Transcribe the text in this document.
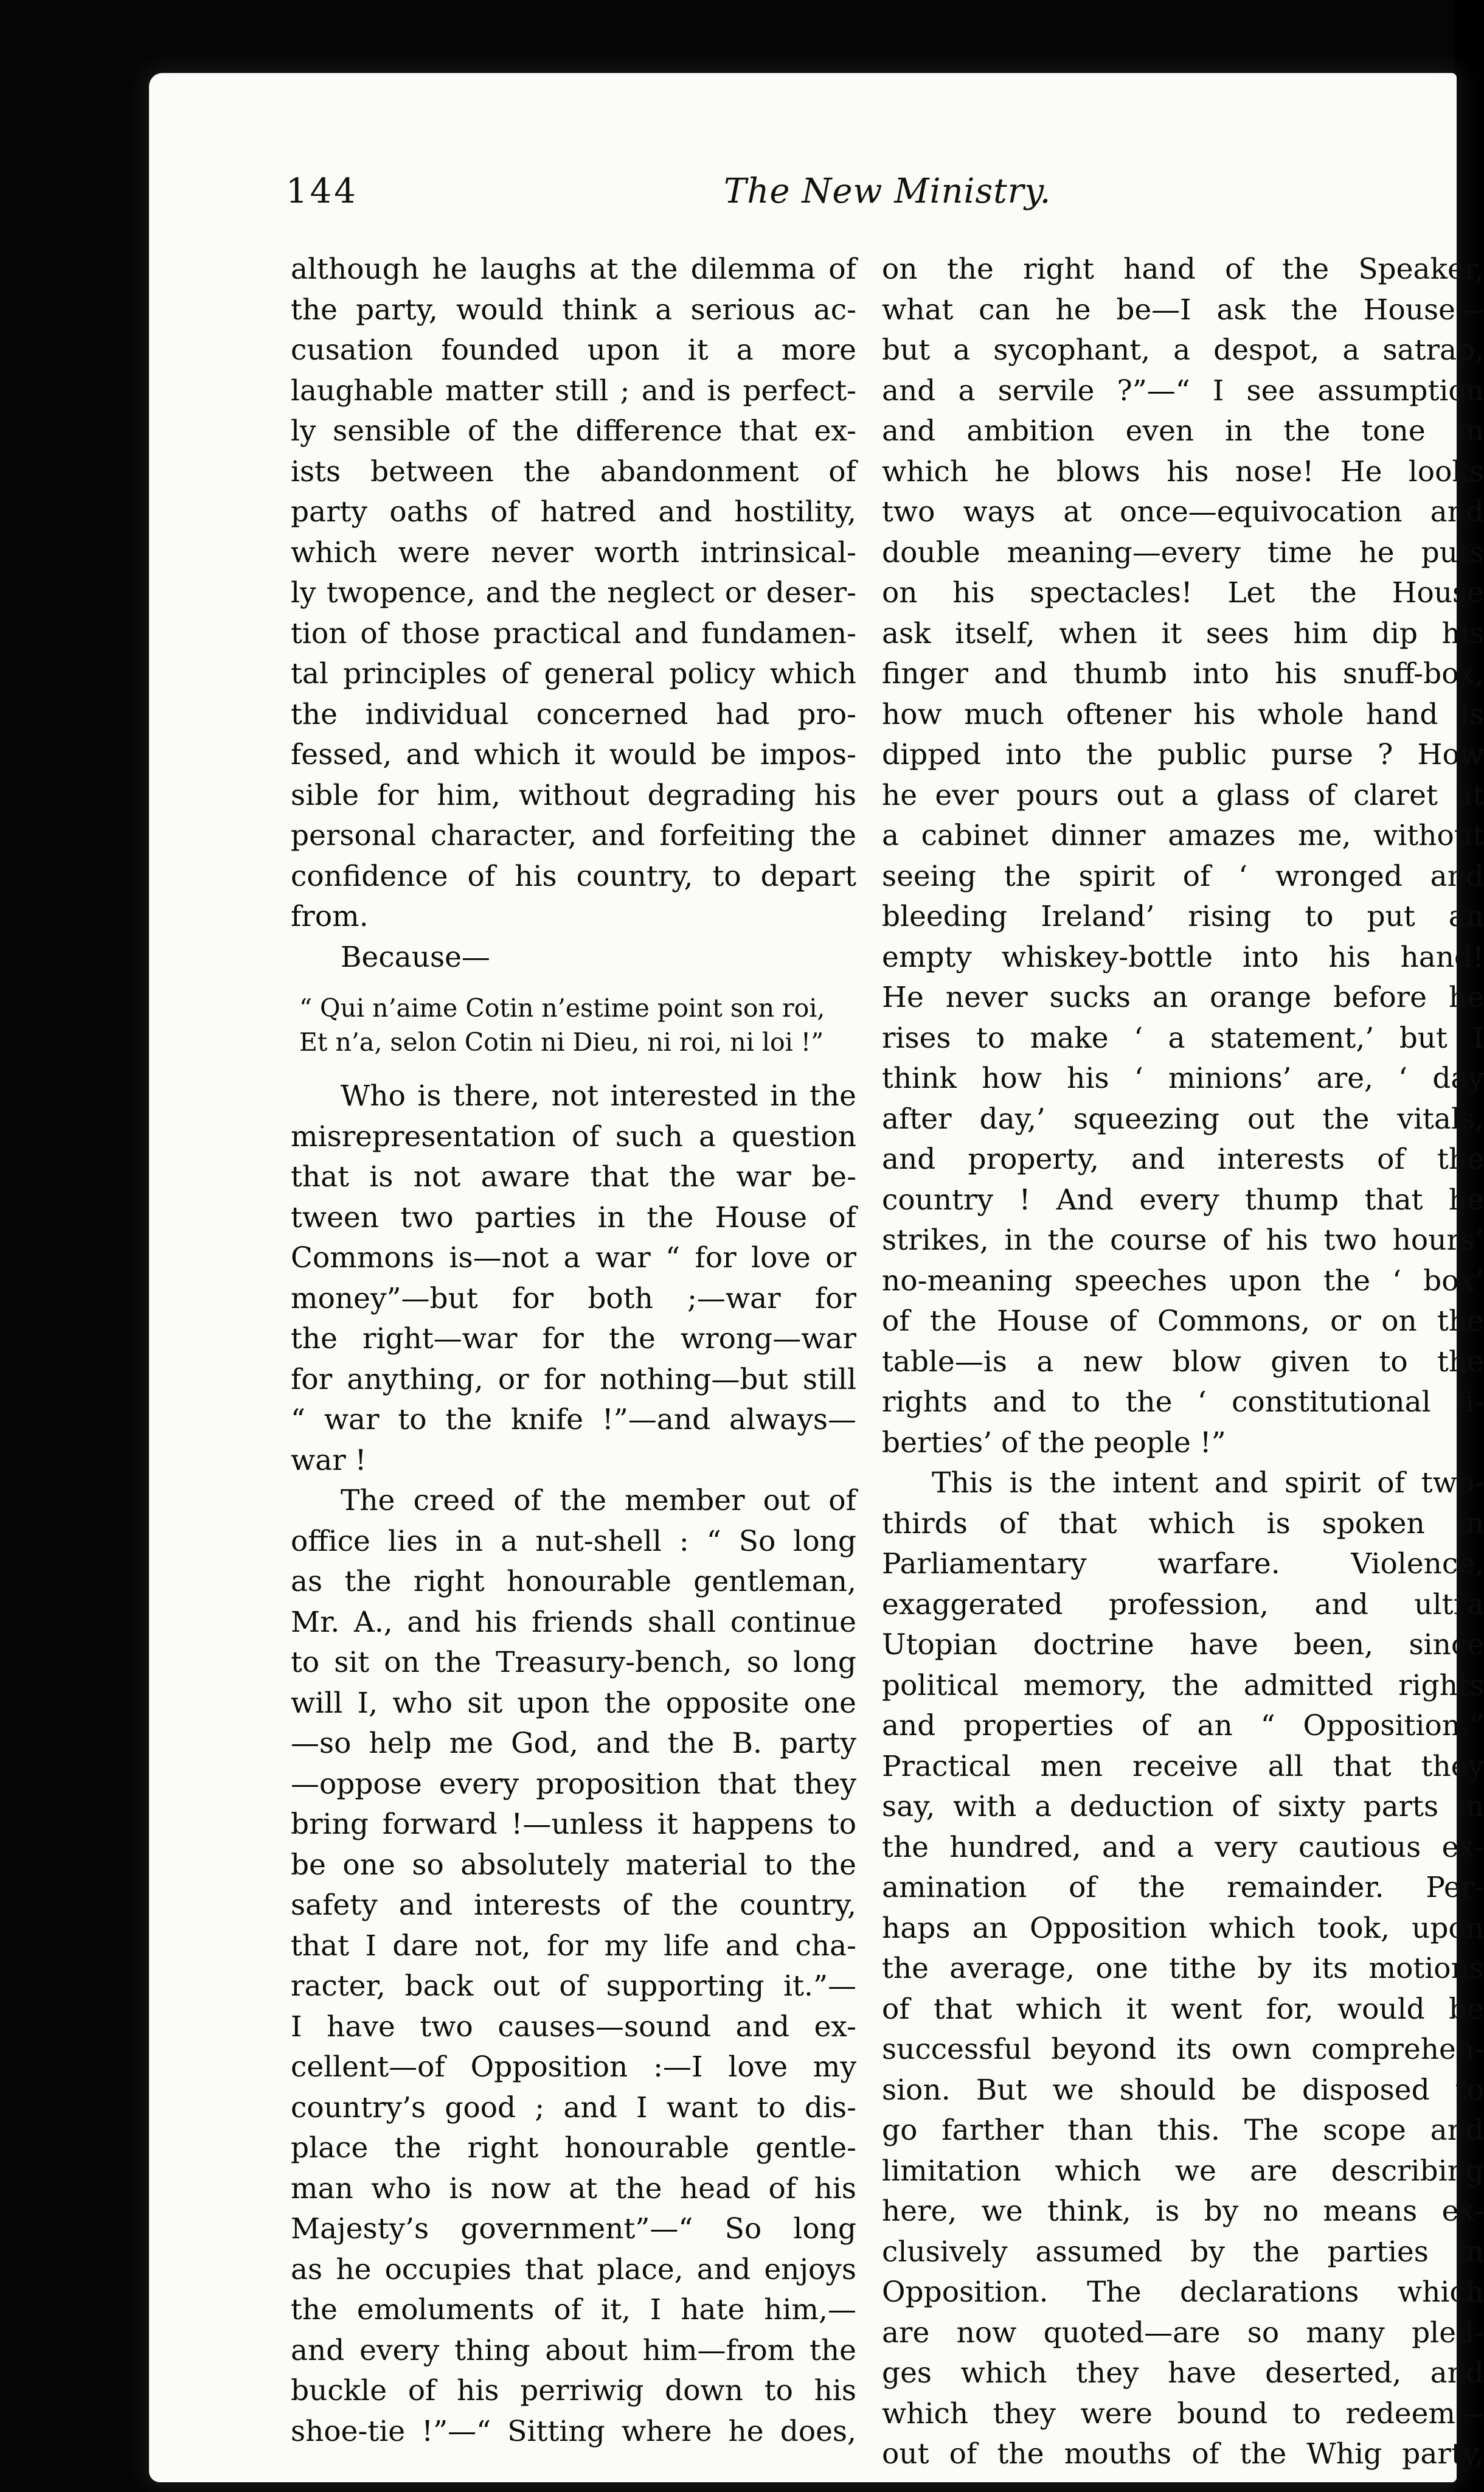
144	The New Ministry.
although he laughs at the dilemma of
the party, would think a serious ac-
cusation founded upon it a more
laughable matter still ; and is perfect-
ly sensible of the difference that ex-
ists between the abandonment of
party oaths of hatred and hostility,
which were never worth intrinsical-
ly twopence, and the neglect or deser-
tion of those practical and fundamen-
tal principles of general policy which
the individual concerned had pro-
fessed, and which it would be impos-
sible for him, without degrading his
personal character, and forfeiting the
confidence of his country, to depart
from.
Because—
“ Qui n’aime Cotin n’estime point son roi,
Et n’a, selon Cotin ni Dieu, ni roi, ni loi !”
Who is there, not interested in the
misrepresentation of such a question
that is not aware that the war be-
tween two parties in the House of
Commons is—not a war “ for love or
money”—but for both ;—war for
the right—war for the wrong—war
for anything, or for nothing—but still
“ war to the knife !”—and always—
war !
The creed of the member out of
office lies in a nut-shell : “ So long
as the right honourable gentleman,
Mr. A., and his friends shall continue
to sit on the Treasury-bench, so long
will I, who sit upon the opposite one
—so help me God, and the B. party
—oppose every proposition that they
bring forward !—unless it happens to
be one so absolutely material to the
safety and interests of the country,
that I dare not, for my life and cha-
racter, back out of supporting it.”—
I have two causes—sound and ex-
cellent—of Opposition :—I love my
country’s good ; and I want to dis-
place the right honourable gentle-
man who is now at the head of his
Majesty’s government”—“ So long
as he occupies that place, and enjoys
the emoluments of it, I hate him,—
and every thing about him—from the
buckle of his perriwig down to his
shoe-tie !”—“ Sitting where he does,
on the right hand of the Speaker,
what can he be—I ask the House—
but a sycophant, a despot, a satrap,
and a servile ?”—“ I see assumption
and ambition even in the tone in
which he blows his nose! He looks
two ways at once—equivocation and
double meaning—every time he puts
on his spectacles! Let the House
ask itself, when it sees him dip his
finger and thumb into his snuff-box,
how much oftener his whole hand is
dipped into the public purse ? How
he ever pours out a glass of claret at
a cabinet dinner amazes me, without
seeing the spirit of ‘ wronged and
bleeding Ireland’ rising to put an
empty whiskey-bottle into his hand!
He never sucks an orange before he
rises to make ‘ a statement,’ but I
think how his ‘ minions’ are, ‘ day
after day,’ squeezing out the vitals,
and property, and interests of the
country ! And every thump that he
strikes, in the course of his two hours’
no-meaning speeches upon the ‘ box’
of the House of Commons, or on the
table—is a new blow given to the
rights and to the ‘ constitutional li-
berties’ of the people !”
This is the intent and spirit of two-
thirds of that which is spoken in
Parliamentary warfare. Violence,
exaggerated profession, and ultra
Utopian doctrine have been, since
political memory, the admitted rights
and properties of an “ Opposition.”
Practical men receive all that they
say, with a deduction of sixty parts in
the hundred, and a very cautious ex-
amination of the remainder. Per-
haps an Opposition which took, upon
the average, one tithe by its motions
of that which it went for, would be
successful beyond its own comprehen-
sion. But we should be disposed to
go farther than this. The scope and
limitation which we are describing
here, we think, is by no means ex-
clusively assumed by the parties in
Opposition. The declarations which
are now quoted—are so many pled-
ges which they have deserted, and
which they were bound to redeem—
out of the mouths of the Whig party,
